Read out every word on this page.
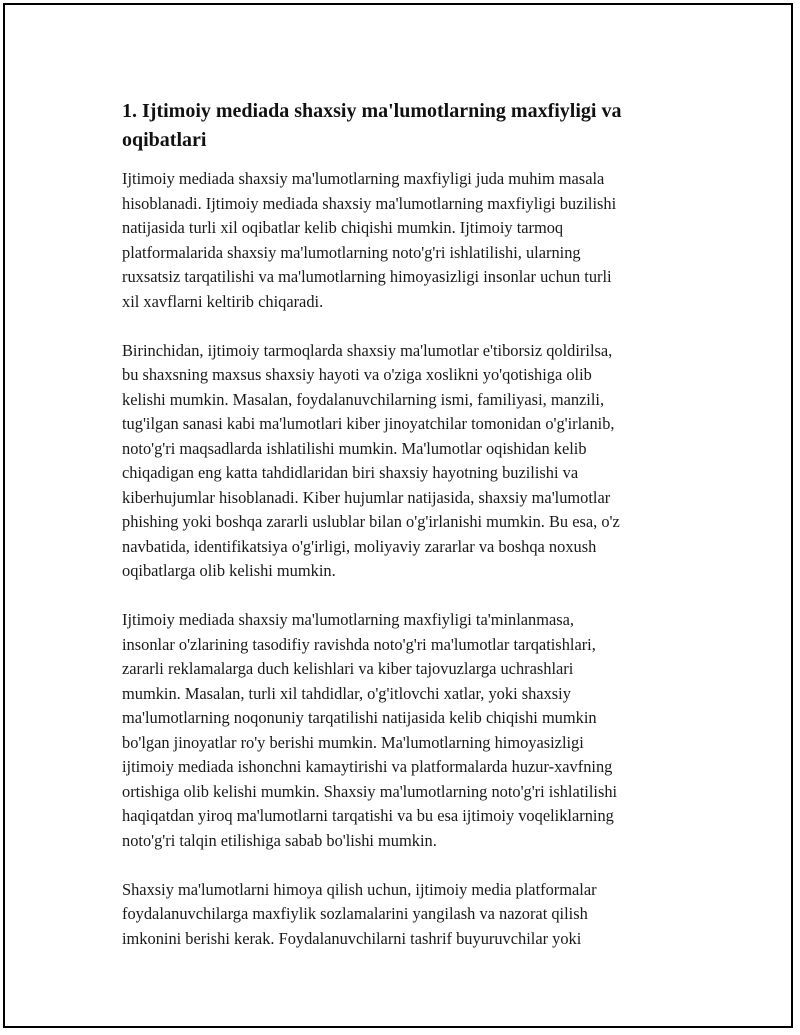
1. Ijtimoiy mediada shaxsiy ma'lumotlarning maxfiyligi va
oqibatlari

Ijtimoiy mediada shaxsiy ma'lumotlarning maxfiyligi juda muhim masala
hisoblanadi. Ijtimoiy mediada shaxsiy ma'lumotlarning maxfiyligi buzilishi
natijasida turli xil oqibatlar kelib chiqishi mumkin. Ijtimoiy tarmoq
platformalarida shaxsiy ma'lumotlarning noto'g'ri ishlatilishi, ularning
ruxsatsiz tarqatilishi va ma'lumotlarning himoyasizligi insonlar uchun turli
xil xavflarni keltirib chiqaradi.

Birinchidan, ijtimoiy tarmoqlarda shaxsiy ma'lumotlar e'tiborsiz qoldirilsa,
bu shaxsning maxsus shaxsiy hayoti va o'ziga xoslikni yo'qotishiga olib
kelishi mumkin. Masalan, foydalanuvchilarning ismi, familiyasi, manzili,
tug'ilgan sanasi kabi ma'lumotlari kiber jinoyatchilar tomonidan o'g'irlanib,
noto'g'ri maqsadlarda ishlatilishi mumkin. Ma'lumotlar oqishidan kelib
chiqadigan eng katta tahdidlaridan biri shaxsiy hayotning buzilishi va
kiberhujumlar hisoblanadi. Kiber hujumlar natijasida, shaxsiy ma'lumotlar
phishing yoki boshqa zararli uslublar bilan o'g'irlanishi mumkin. Bu esa, o'z
navbatida, identifikatsiya o'g'irligi, moliyaviy zararlar va boshqa noxush
oqibatlarga olib kelishi mumkin.

Ijtimoiy mediada shaxsiy ma'lumotlarning maxfiyligi ta'minlanmasa,
insonlar o'zlarining tasodifiy ravishda noto'g'ri ma'lumotlar tarqatishlari,
zararli reklamalarga duch kelishlari va kiber tajovuzlarga uchrashlari
mumkin. Masalan, turli xil tahdidlar, o'g'itlovchi xatlar, yoki shaxsiy
ma'lumotlarning noqonuniy tarqatilishi natijasida kelib chiqishi mumkin
bo'lgan jinoyatlar ro'y berishi mumkin. Ma'lumotlarning himoyasizligi
ijtimoiy mediada ishonchni kamaytirishi va platformalarda huzur-xavfning
ortishiga olib kelishi mumkin. Shaxsiy ma'lumotlarning noto'g'ri ishlatilishi
haqiqatdan yiroq ma'lumotlarni tarqatishi va bu esa ijtimoiy voqeliklarning
noto'g'ri talqin etilishiga sabab bo'lishi mumkin.

Shaxsiy ma'lumotlarni himoya qilish uchun, ijtimoiy media platformalar
foydalanuvchilarga maxfiylik sozlamalarini yangilash va nazorat qilish
imkonini berishi kerak. Foydalanuvchilarni tashrif buyuruvchilar yoki
